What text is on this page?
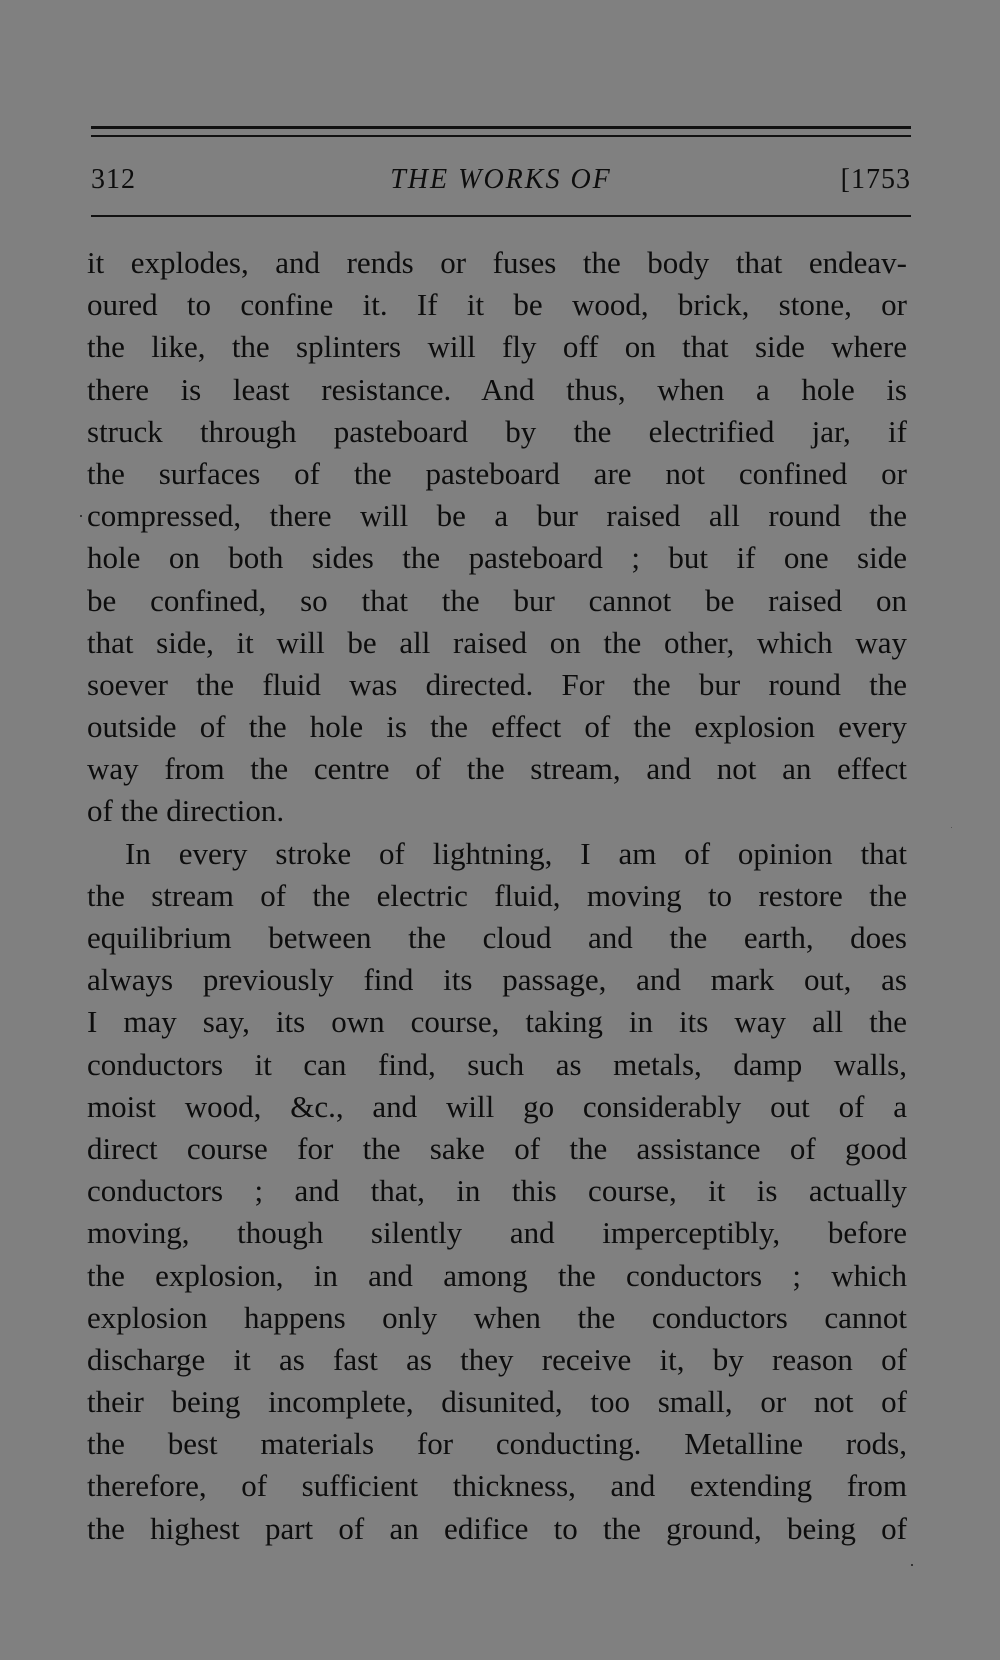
312	THE WORKS OF	[1753
it explodes, and rends or fuses the body that endeav-
oured to confine it. If it be wood, brick, stone, or
the like, the splinters will fly off on that side where
there is least resistance. And thus, when a hole is
struck through pasteboard by the electrified jar, if
the surfaces of the pasteboard are not confined or
compressed, there will be a bur raised all round the
hole on both sides the pasteboard ; but if one side
be confined, so that the bur cannot be raised on
that side, it will be all raised on the other, which way
soever the fluid was directed. For the bur round the
outside of the hole is the effect of the explosion every
way from the centre of the stream, and not an effect
of the direction.
In every stroke of lightning, I am of opinion that
the stream of the electric fluid, moving to restore the
equilibrium between the cloud and the earth, does
always previously find its passage, and mark out, as
I may say, its own course, taking in its way all the
conductors it can find, such as metals, damp walls,
moist wood, &c., and will go considerably out of a
direct course for the sake of the assistance of good
conductors ; and that, in this course, it is actually
moving, though silently and imperceptibly, before
the explosion, in and among the conductors ; which
explosion happens only when the conductors cannot
discharge it as fast as they receive it, by reason of
their being incomplete, disunited, too small, or not of
the best materials for conducting. Metalline rods,
therefore, of sufficient thickness, and extending from
the highest part of an edifice to the ground, being of
